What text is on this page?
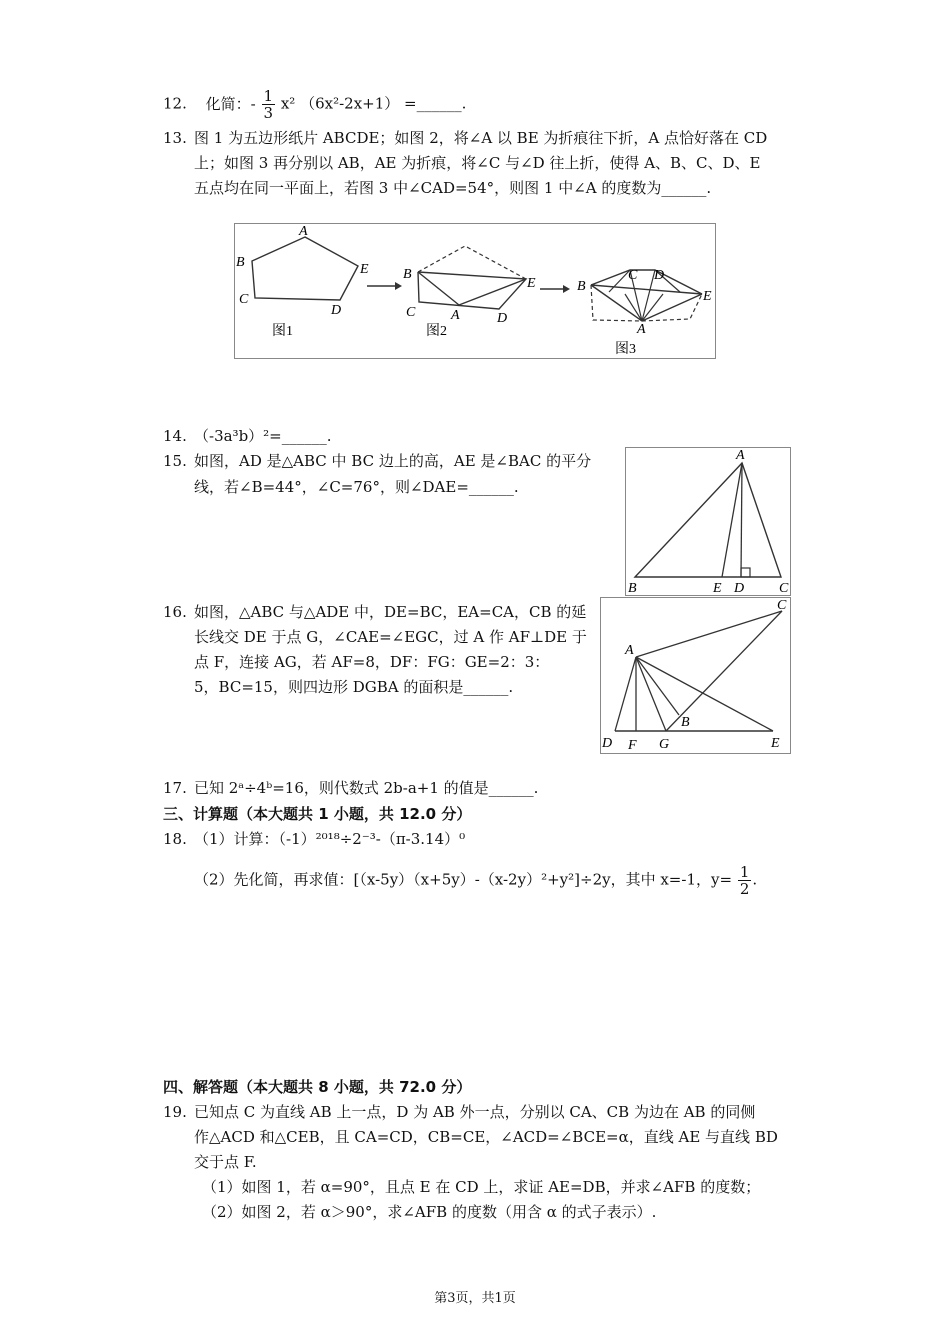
12. 化简：- $\frac{1}{3} x^2$ （6x²-2x+1） =______.
13. 图 1 为五边形纸片 ABCDE；如图 2，将∠A 以 BE 为折痕往下折，A 点恰好落在 CD
上；如图 3 再分别以 AB，AE 为折痕，将∠C 与∠D 往上折，使得 A、B、C、D、E
五点均在同一平面上，若图 3 中∠CAD=54°，则图 1 中∠A 的度数为______.
A
B
C
D
E
图1
B
C	A	D
E
图2
B
C D
E
A
图3
14. （-3a³b）²=______.
15. 如图，AD 是△ABC 中 BC 边上的高，AE 是∠BAC 的平分
线，若∠B=44°，∠C=76°，则∠DAE=______.
A
B	E D C
16. 如图，△ABC 与△ADE 中，DE=BC，EA=CA，CB 的延
长线交 DE 于点 G，∠CAE=∠EGC，过 A 作 AF⊥DE 于
点 F，连接 AG，若 AF=8，DF：FG：GE=2：3：
5，BC=15，则四边形 DGBA 的面积是______.
A
C
B
D F G	E
17. 已知 2ᵃ÷4ᵇ=16，则代数式 2b-a+1 的值是______.
三、计算题（本大题共 1 小题，共 12.0 分）
18. （1）计算：（-1）²⁰¹⁸÷2⁻³-（π-3.14）⁰
（2）先化简，再求值：[（x-5y）（x+5y）-（x-2y）²+y²]÷2y，其中 x=-1，$y= \frac{1}{2}$ .
四、解答题（本大题共 8 小题，共 72.0 分）
19. 已知点 C 为直线 AB 上一点，D 为 AB 外一点，分别以 CA、CB 为边在 AB 的同侧
作△ACD 和△CEB，且 CA=CD，CB=CE，∠ACD=∠BCE=α，直线 AE 与直线 BD
交于点 F.
（1）如图 1，若 α=90°，且点 E 在 CD 上，求证 AE=DB，并求∠AFB 的度数；
（2）如图 2，若 α＞90°，求∠AFB 的度数（用含 α 的式子表示）.
第3页，共1页
